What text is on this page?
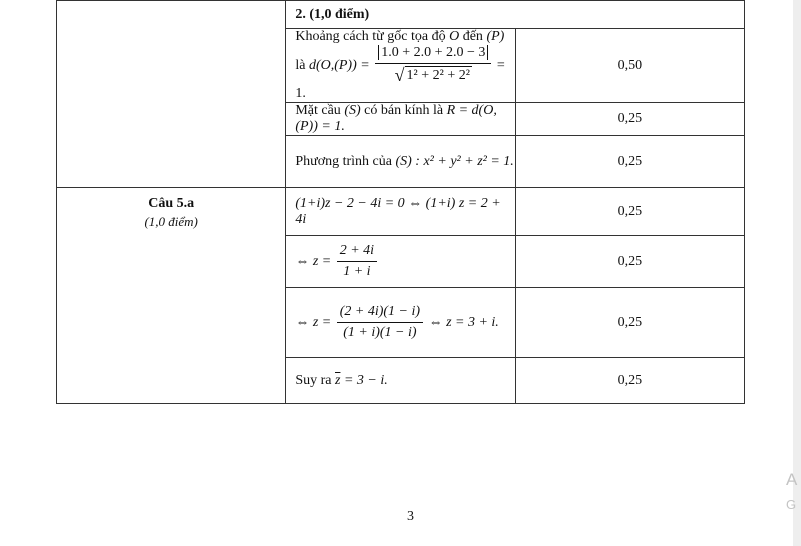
A
G
	2. (1,0 điểm)	
	Khoảng cách từ gốc tọa độ O đến (P) là $d(O,(P)) = \frac{1.0 + 2.0 + 2.0 - 3}{\text{√ 1² + 2² + 2²}} = 1$.	0,50
	Mặt cầu (S) có bán kính là R = d(O,(P)) = 1.	0,25
	Phương trình của (S) : x² + y² + z² = 1.	0,25
Câu 5.a
(1,0 điểm)	(1+i)z − 2 − 4i = 0 ⇔ (1+i) z = 2 + 4i	0,25
	⇔ $z = \frac{2 + 4i}{1 + i}$	0,25
	⇔ $z = \frac{(2 + 4i)(1 - i)}{(1 + i)(1 - i)}$ ⇔ z = 3 + i.	0,25
	Suy ra $\overline{z} = 3 - i$.	0,25
3
